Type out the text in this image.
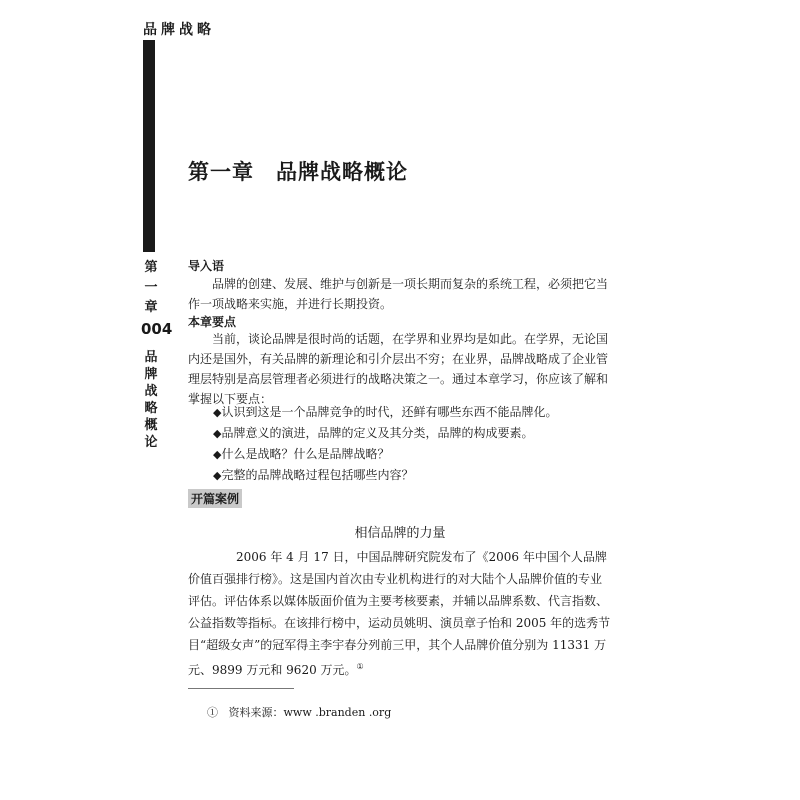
品牌战略
第一章　品牌战略概论
第一章
004
品牌战略概论
导入语

品牌的创建、发展、维护与创新是一项长期而复杂的系统工程，必须把它当作一项战略来实施，并进行长期投资。

本章要点

当前，谈论品牌是很时尚的话题，在学界和业界均是如此。在学界，无论国内还是国外，有关品牌的新理论和引介层出不穷；在业界，品牌战略成了企业管理层特别是高层管理者必须进行的战略决策之一。通过本章学习，你应该了解和掌握以下要点：

◆认识到这是一个品牌竞争的时代，还鲜有哪些东西不能品牌化。
◆品牌意义的演进，品牌的定义及其分类，品牌的构成要素。
◆什么是战略？什么是品牌战略？
◆完整的品牌战略过程包括哪些内容？
开篇案例
相信品牌的力量

2006 年 4 月 17 日，中国品牌研究院发布了《2006 年中国个人品牌价值百强排行榜》。这是国内首次由专业机构进行的对大陆个人品牌价值的专业评估。评估体系以媒体版面价值为主要考核要素，并辅以品牌系数、代言指数、公益指数等指标。在该排行榜中，运动员姚明、演员章子怡和 2005 年的选秀节目“超级女声”的冠军得主李宇春分列前三甲，其个人品牌价值分别为 11331 万元、9899 万元和 9620 万元。①

① 资料来源：www .branden .org
